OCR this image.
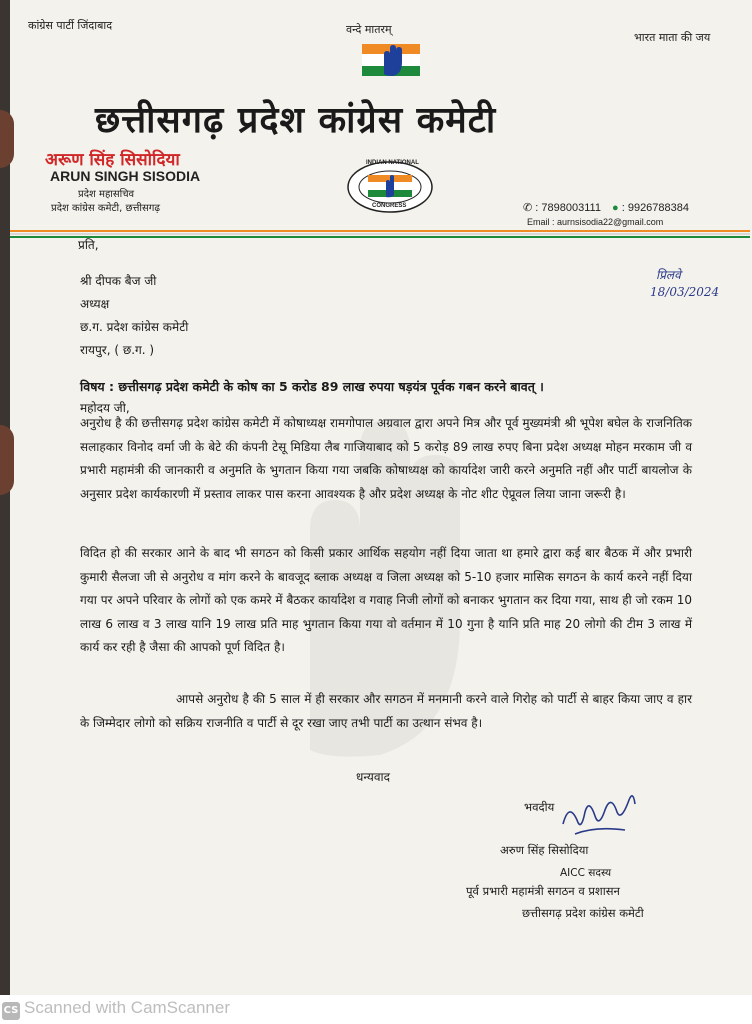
कांग्रेस पार्टी जिंदाबाद	वन्दे मातरम्
भारत माता की जय
छत्तीसगढ़ प्रदेश कांग्रेस कमेटी
अरूण सिंह सिसोदिया
ARUN SINGH SISODIA
प्रदेश महासचिव
प्रदेश कांग्रेस कमेटी, छत्तीसगढ़
INDIAN NATIONAL
CONGRESS	✆ : 7898003111 ● : 9926788384
Email : aurnsisodia22@gmail.com
प्रति,
श्री दीपक बैज जी
अध्यक्ष
छ.ग. प्रदेश कांग्रेस कमेटी
रायपुर, ( छ.ग. )
प्रिलवे
18/03/2024
विषय : छत्तीसगढ़ प्रदेश कमेटी के कोष का 5 करोड 89 लाख रुपया षड़यंत्र पूर्वक गबन करने बावत् ।
महोदय जी,
अनुरोध है की छत्तीसगढ़ प्रदेश कांग्रेस कमेटी में कोषाध्यक्ष रामगोपाल अग्रवाल द्वारा अपने मित्र और पूर्व मुख्यमंत्री श्री भूपेश बघेल के राजनितिक सलाहकार विनोद वर्मा जी के बेटे की कंपनी टेसू मिडिया लैब गाजियाबाद को 5 करोड़ 89 लाख रुपए बिना प्रदेश अध्यक्ष मोहन मरकाम जी व प्रभारी महामंत्री की जानकारी व अनुमति के भुगतान किया गया जबकि कोषाध्यक्ष को कार्यादेश जारी करने अनुमति नहीं और पार्टी बायलोज के अनुसार प्रदेश कार्यकारणी में प्रस्ताव लाकर पास करना आवश्यक है और प्रदेश अध्यक्ष के नोट शीट ऐप्रूवल लिया जाना जरूरी है।
विदित हो की सरकार आने के बाद भी सगठन को किसी प्रकार आर्थिक सहयोग नहीं दिया जाता था हमारे द्वारा कई बार बैठक में और प्रभारी कुमारी सैलजा जी से अनुरोध व मांग करने के बावजूद ब्लाक अध्यक्ष व जिला अध्यक्ष को 5-10 हजार मासिक सगठन के कार्य करने नहीं दिया गया पर अपने परिवार के लोगों को एक कमरे में बैठकर कार्यादेश व गवाह निजी लोगों को बनाकर भुगतान कर दिया गया, साथ ही जो रकम 10 लाख 6 लाख व 3 लाख यानि 19 लाख प्रति माह भुगतान किया गया वो वर्तमान में 10 गुना है यानि प्रति माह 20 लोगो की टीम 3 लाख में कार्य कर रही है जैसा की आपको पूर्ण विदित है।
आपसे अनुरोध है की 5 साल में ही सरकार और सगठन में मनमानी करने वाले गिरोह को पार्टी से बाहर किया जाए व हार के जिम्मेदार लोगो को सक्रिय राजनीति व पार्टी से दूर रखा जाए तभी पार्टी का उत्थान संभव है।
धन्यवाद
भवदीय
अरुण सिंह सिसोदिया
AICC सदस्य
पूर्व प्रभारी महामंत्री सगठन व प्रशासन
छत्तीसगढ़ प्रदेश कांग्रेस कमेटी
CS Scanned with CamScanner
